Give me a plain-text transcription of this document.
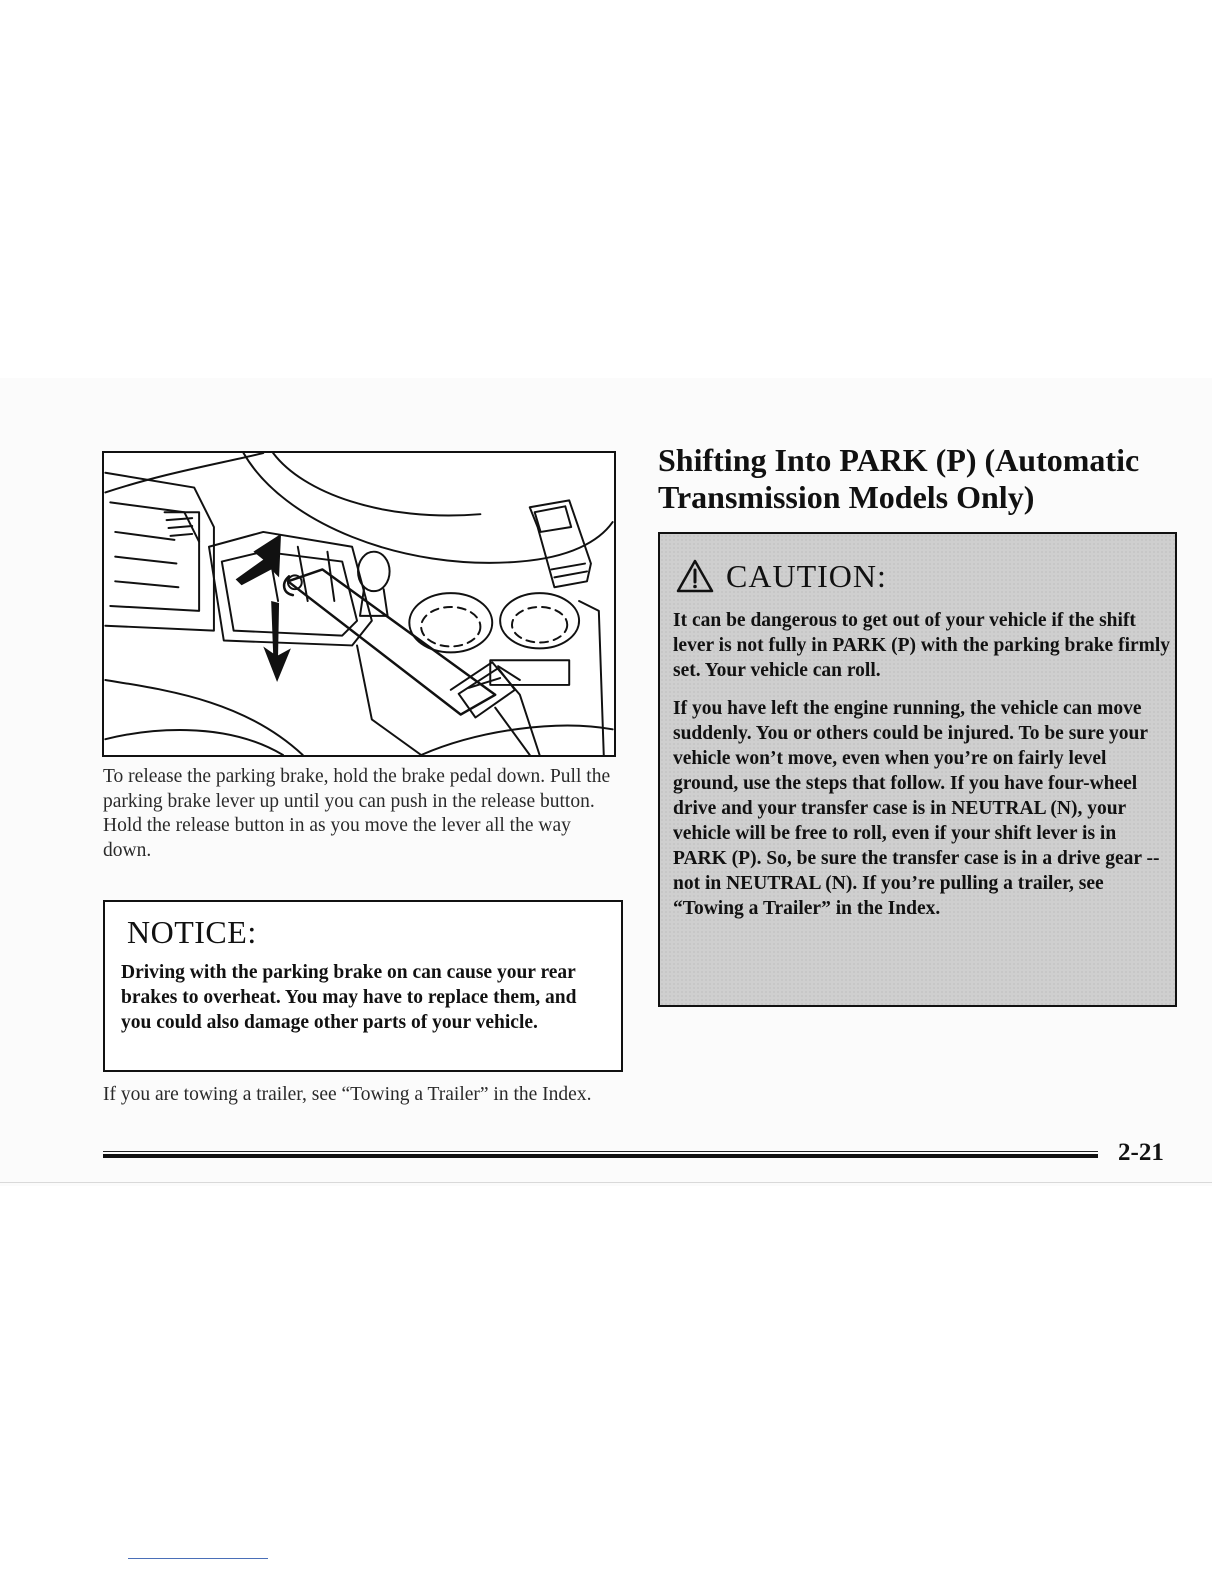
To release the parking brake, hold the brake pedal down. Pull the parking brake lever up until you can push in the release button. Hold the release button in as you move the lever all the way down.

NOTICE:

Driving with the parking brake on can cause your rear brakes to overheat. You may have to replace them, and you could also damage other parts of your vehicle.

If you are towing a trailer, see “Towing a Trailer” in the Index.

Shifting Into PARK (P) (Automatic Transmission Models Only)
CAUTION:

It can be dangerous to get out of your vehicle if the shift lever is not fully in PARK (P) with the parking brake firmly set. Your vehicle can roll.

If you have left the engine running, the vehicle can move suddenly. You or others could be injured. To be sure your vehicle won’t move, even when you’re on fairly level ground, use the steps that follow. If you have four-wheel drive and your transfer case is in NEUTRAL (N), your vehicle will be free to roll, even if your shift lever is in PARK (P). So, be sure the transfer case is in a drive gear -- not in NEUTRAL (N). If you’re pulling a trailer, see “Towing a Trailer” in the Index.

2-21
